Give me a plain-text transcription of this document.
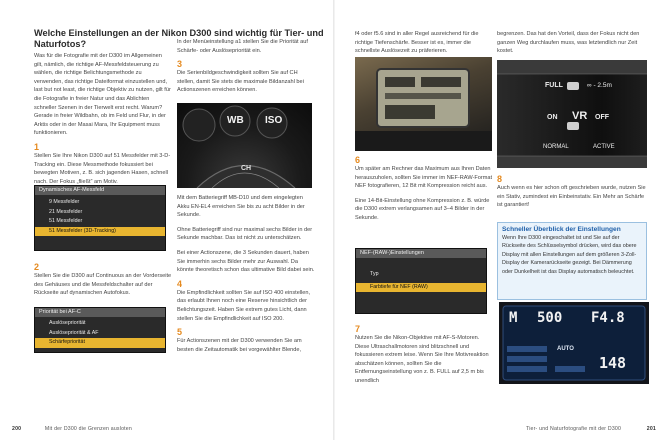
Welche Einstellungen an der Nikon D300 sind wichtig für Tier- und Naturfotos?
Was für die Fotografie mit der D300 im Allgemeinen gilt, nämlich, die richtige AF-Messfeldsteuerung zu wählen, die richtige Belichtungsmethode zu verwenden, das richtige Dateiformat einzustellen und, last but not least, die richtige Objektiv zu nutzen, gilt für die Fotografie in freier Natur und das Ablichten schneller Szenen in der Tierwelt erst recht. Warum? Gerade in freier Wildbahn, ob im Feld und Flur, in der Arktis oder in der Masai Mara, Ihr Equipment muss funktionieren.
1
Stellen Sie Ihre Nikon D300 auf 51 Messfelder mit 3-D-Tracking ein. Diese Messmethode fokussiert bei bewegten Motiven, z. B. sich jagenden Hasen, schnell nach. Der Fokus „fließt“ am Motiv.
Dynamisches AF-Messfeld
9 Messfelder
21 Messfelder
51 Messfelder
51 Messfelder (3D-Tracking)
2
Stellen Sie die D300 auf Continuous an der Vorderseite des Gehäuses und die Messfeldschalter auf der Rückseite auf dynamischen Autofokus.
Priorität bei AF-C
Auslösepriorität
Auslösepriorität & AF
Schärfepriorität
In der Menüeinstellung a1 stellen Sie die Priorität auf Schärfe- oder Auslösepriorität ein.
3
Die Serienbildgeschwindigkeit sollten Sie auf CH stellen, damit Sie stets die maximale Bildanzahl bei Actionszenen erreichen können.
WB ISO
CH
Mit dem Batteriegriff MB-D10 und dem eingelegten Akku EN-EL4 erreichen Sie bis zu acht Bilder in der Sekunde.
Ohne Batteriegriff sind nur maximal sechs Bilder in der Sekunde machbar. Das ist nicht zu unterschätzen.
Bei einer Actionszene, die 3 Sekunden dauert, haben Sie immerhin sechs Bilder mehr zur Auswahl. Da könnte theoretisch schon das ultimative Bild dabei sein.
4
Die Empfindlichkeit sollten Sie auf ISO 400 einstellen, das erlaubt Ihnen noch eine Reserve hinsichtlich der Belichtungszeit. Haben Sie extrem gutes Licht, dann stellen Sie die Empfindlichkeit auf ISO 200.
5
Für Actionszenen mit der D300 verwenden Sie am besten die Zeitautomatik bei vorgewählter Blende,
200	Mit der D300 die Grenzen ausloten
f4 oder f5.6 sind in aller Regel ausreichend für die richtige Tiefenschärfe. Besser ist es, immer die schnellste Auslösezeit zu präferieren.
6
Um später am Rechner das Maximum aus Ihren Daten herauszuholen, sollten Sie immer im NEF-RAW-Format NEF fotografieren, 12 Bit mit Kompression reicht aus.
Eine 14-Bit-Einstellung ohne Kompression z. B. würde die D300 extrem verlangsamen auf 3–4 Bilder in der Sekunde.
NEF-(RAW-)Einstellungen
Typ
Farbtiefe für NEF (RAW)
7
Nutzen Sie die Nikon-Objektive mit AF-S-Motoren. Diese Ultraschallmotoren sind blitzschnell und fokussieren extrem leise. Wenn Sie Ihre Motivreaktion abschätzen können, sollten Sie die Entfernungseinstellung von z. B. FULL auf 2,5 m bis unendlich
begrenzen. Das hat den Vorteil, dass der Fokus nicht den ganzen Weg durchlaufen muss, was letztendlich nur Zeit kostet.
FULL	∞ - 2.5m
ON VR OFF
NORMAL	ACTIVE
8
Auch wenn es hier schon oft geschrieben wurde, nutzen Sie ein Stativ, zumindest ein Einbeinstativ. Ein Mehr an Schärfe ist garantiert!
Schneller Überblick der Einstellungen
Wenn Ihre D300 eingeschaltet ist und Sie auf der Rückseite des Schlüsselsymbol drücken, wird das obere Display mit allen Einstellungen auf dem größeren 3-Zoll-Display der Kamerarückseite gezeigt. Bei Dämmerung oder Dunkelheit ist das Display automatisch beleuchtet.
M 500 F4.8
AUTO
148
Tier- und Naturfotografie mit der D300	201
